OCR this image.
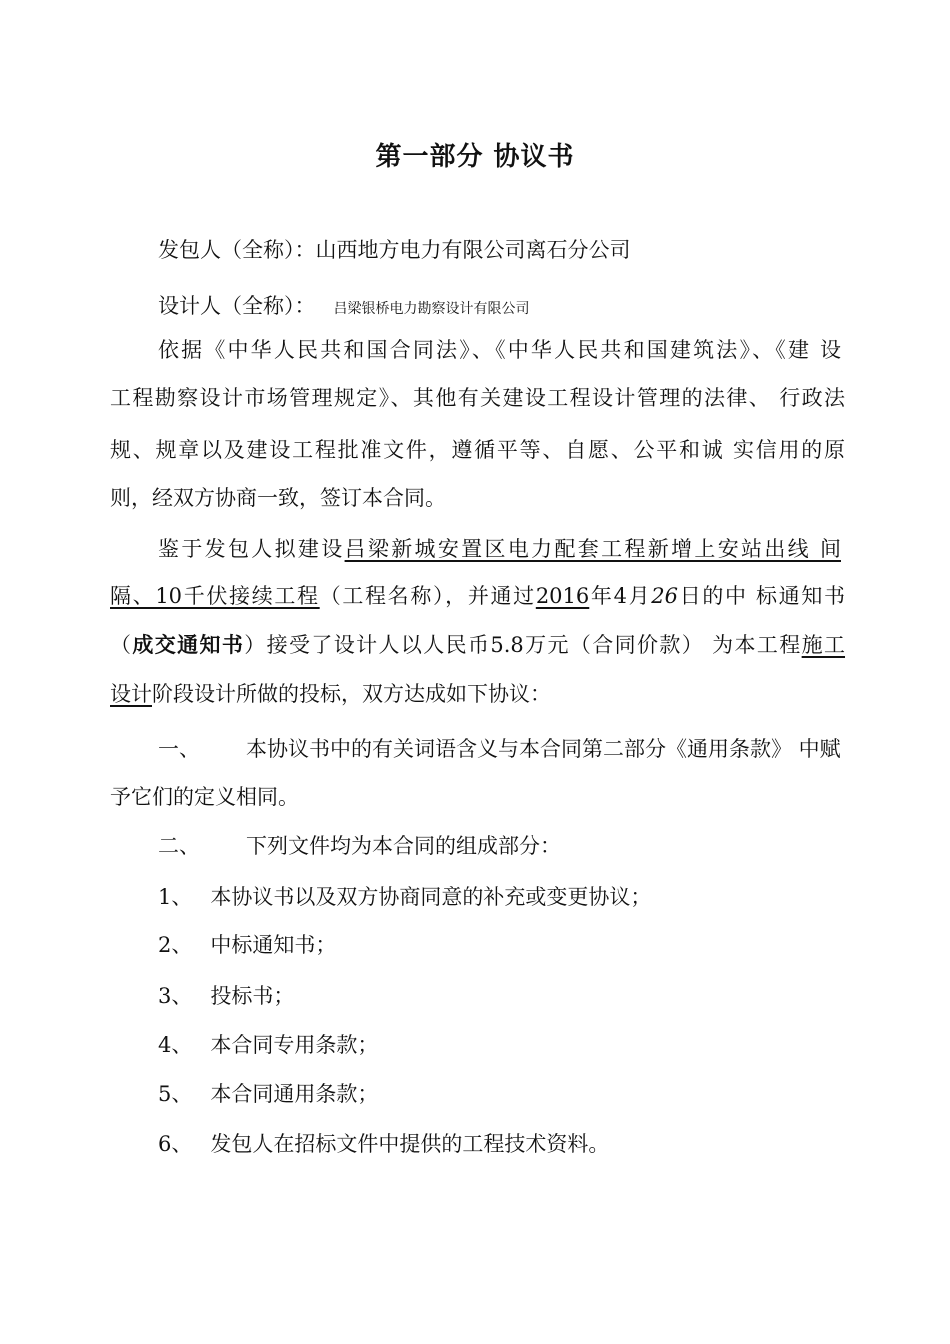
第一部分 协议书
发包人（全称）：山西地方电力有限公司离石分公司
设计人（全称）： 吕梁银桥电力勘察设计有限公司
依据《中华人民共和国合同法》、《中华人民共和国建筑法》、《建 设
工程勘察设计市场管理规定》、其他有关建设工程设计管理的法律、 行政法
规、规章以及建设工程批准文件，遵循平等、自愿、公平和诚 实信用的原
则，经双方协商一致，签订本合同。
鉴于发包人拟建设吕梁新城安置区电力配套工程新增上安站出线 间
隔、10千伏接续工程（工程名称），并通过2016年4月26日的中 标通知书
（成交通知书）接受了设计人以人民币5.8万元（合同价款） 为本工程施工
设计阶段设计所做的投标，双方达成如下协议：
一、 本协议书中的有关词语含义与本合同第二部分《通用条款》 中赋
予它们的定义相同。
二、 下列文件均为本合同的组成部分：
1、 本协议书以及双方协商同意的补充或变更协议；
2、 中标通知书；
3、 投标书；
4、 本合同专用条款；
5、 本合同通用条款；
6、 发包人在招标文件中提供的工程技术资料。
